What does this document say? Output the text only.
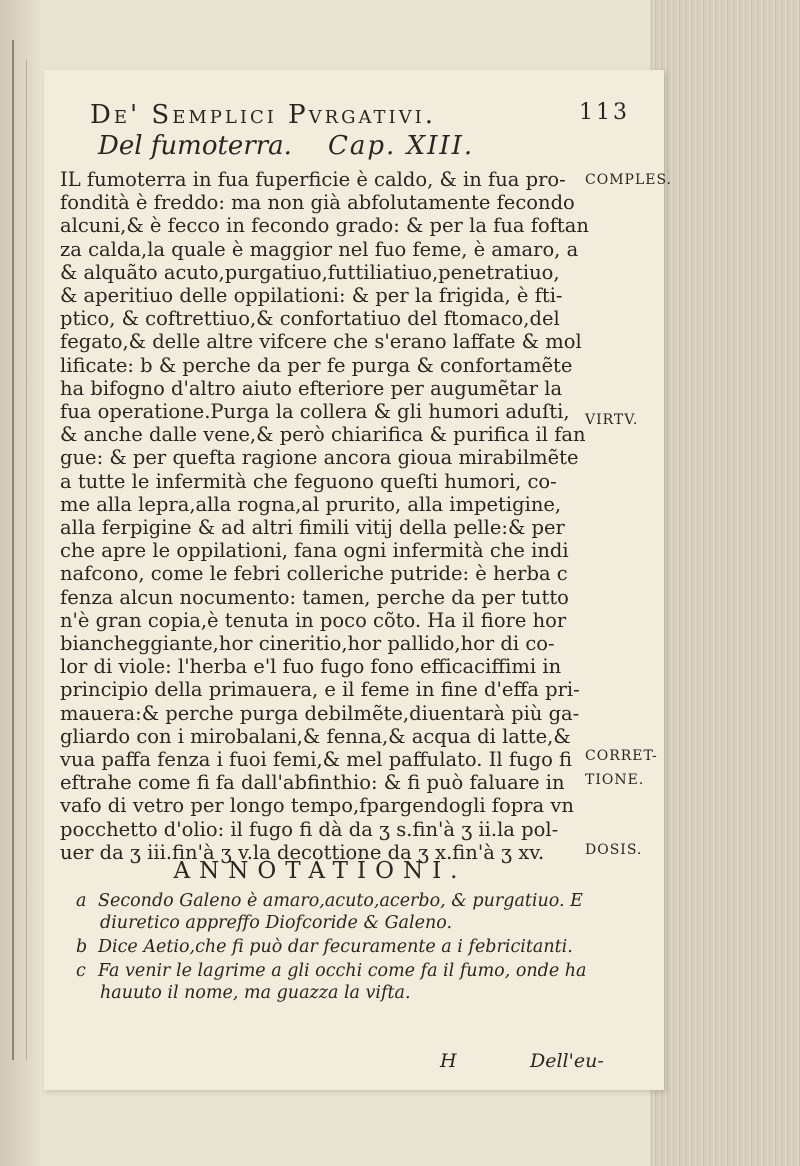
De' Semplici Pvrgativi.	113
Del fumoterra. Cap. XIII.
IL fumoterra in fua fuperficie è caldo, & in fua pro-
fondità è freddo: ma non già abfolutamente fecondo
alcuni,& è fecco in fecondo grado: & per la fua foftan
za calda,la quale è maggior nel fuo feme, è amaro, a
& alquãto acuto,purgatiuo,futtiliatiuo,penetratiuo,
& aperitiuo delle oppilationi: & per la frigida, è fti-
ptico, & coftrettiuo,& confortatiuo del ftomaco,del
fegato,& delle altre vifcere che s'erano laffate & mol
lificate: b & perche da per fe purga & confortamẽte
ha bifogno d'altro aiuto efteriore per augumẽtar la
fua operatione.Purga la collera & gli humori aduſti,
& anche dalle vene,& però chiarifica & purifica il fan
gue: & per quefta ragione ancora gioua mirabilmẽte
a tutte le infermità che feguono queſti humori, co-
me alla lepra,alla rogna,al prurito, alla impetigine,
alla ferpigine & ad altri fimili vitij della pelle:& per
che apre le oppilationi, fana ogni infermità che indi
nafcono, come le febri colleriche putride: è herba c
fenza alcun nocumento: tamen, perche da per tutto
n'è gran copia,è tenuta in poco cõto. Ha il fiore hor
biancheggiante,hor cineritio,hor pallido,hor di co-
lor di viole: l'herba e'l fuo fugo fono efficaciffimi in
principio della primauera, e il feme in fine d'effa pri-
mauera:& perche purga debilmẽte,diuentarà più ga-
gliardo con i mirobalani,& fenna,& acqua di latte,&
vua paffa fenza i fuoi femi,& mel paffulato. Il fugo fi
eftrahe come fi fa dall'abfinthio: & fi può faluare in
vafo di vetro per longo tempo,fpargendogli fopra vn
pocchetto d'olio: il fugo fi dà da ʒ s.fin'à ʒ ii.la pol-
uer da ʒ iii.fin'à ʒ v.la decottione da ʒ x.fin'à ʒ xv.
COMPLES.
VIRTV.
CORRET-
TIONE.
DOSIS.
ANNOTATIONI.
a Secondo Galeno è amaro,acuto,acerbo, & purgatiuo. E
diuretico appreffo Diofcoride & Galeno.
b Dice Aetio,che fi può dar fecuramente a i febricitanti.
c Fa venir le lagrime a gli occhi come fa il fumo, onde ha
hauuto il nome, ma guazza la vifta.
H	Dell'eu-
